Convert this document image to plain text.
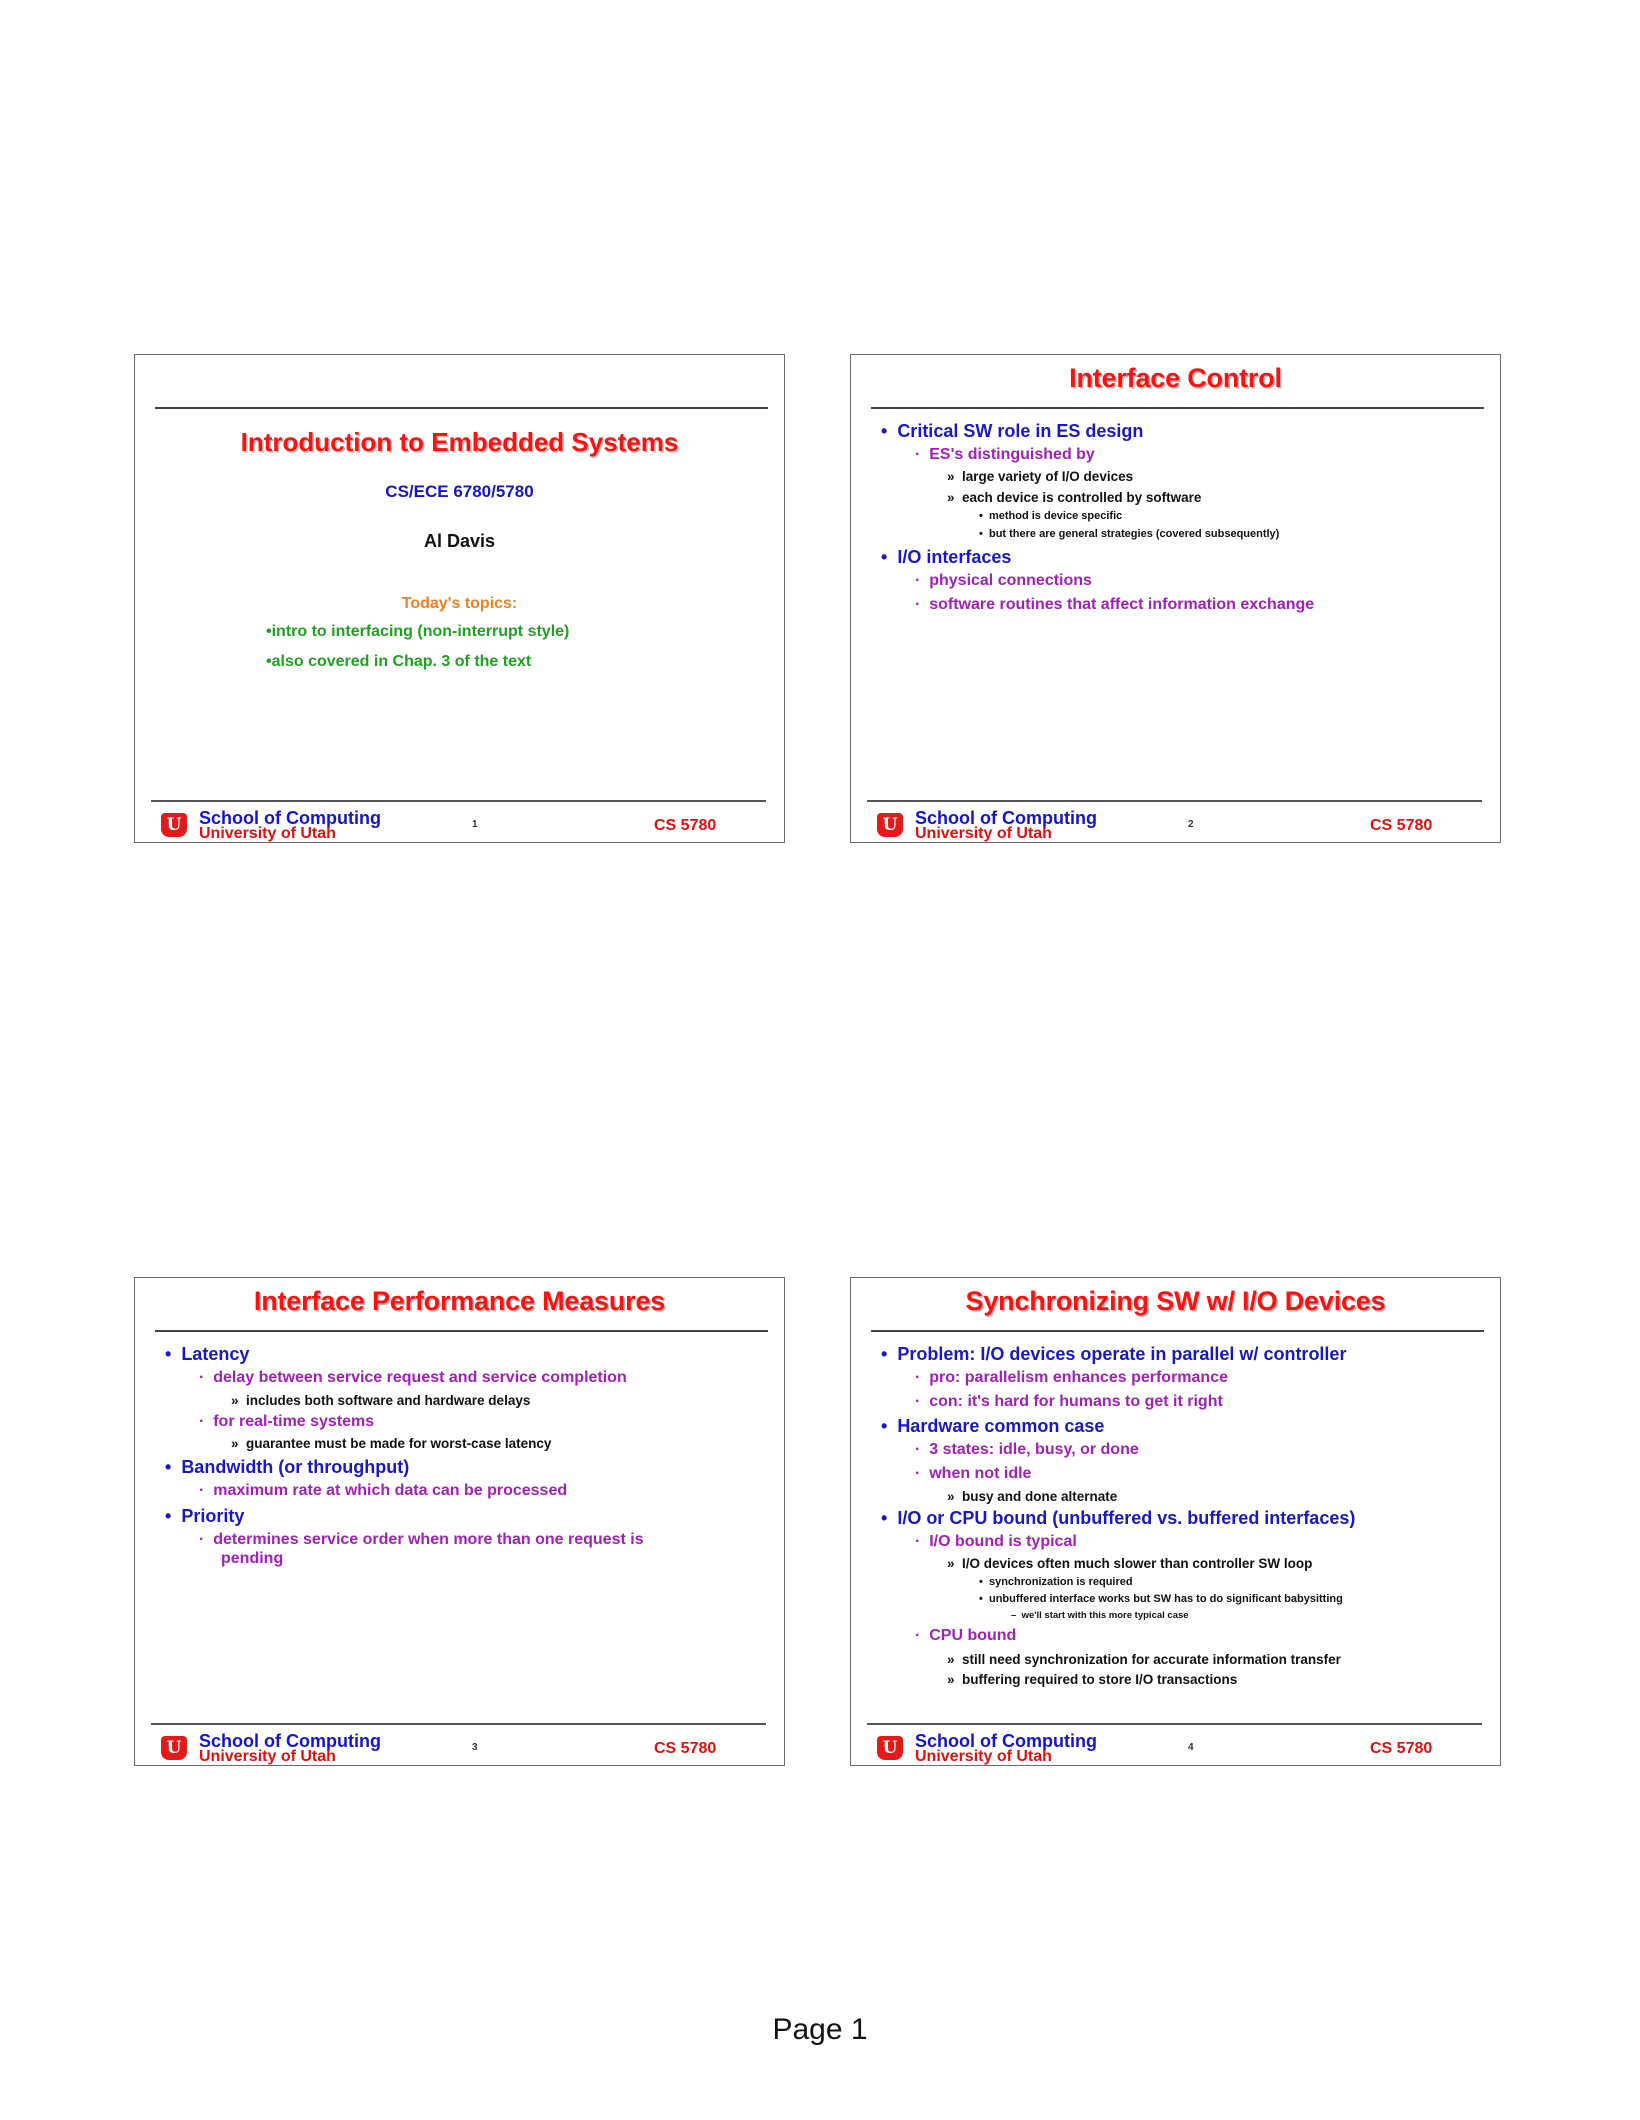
Introduction to Embedded Systems
CS/ECE 6780/5780
Al Davis
Today's topics:
•intro to interfacing (non-interrupt style)
•also covered in Chap. 3 of the text
U School of Computing
University of Utah
1	CS 5780
Interface Control
•  Critical SW role in ES design
·  ES's distinguished by
»  large variety of I/O devices
»  each device is controlled by software
•  method is device specific
•  but there are general strategies (covered subsequently)
•  I/O interfaces
·  physical connections
·  software routines that affect information exchange
U School of Computing
University of Utah
2	CS 5780
Interface Performance Measures
•  Latency
·  delay between service request and service completion
»  includes both software and hardware delays
·  for real-time systems
»  guarantee must be made for worst-case latency
•  Bandwidth (or throughput)
·  maximum rate at which data can be processed
•  Priority
·  determines service order when more than one request is
pending
U School of Computing
University of Utah
3	CS 5780
Synchronizing SW w/ I/O Devices
•  Problem: I/O devices operate in parallel w/ controller
·  pro: parallelism enhances performance
·  con: it's hard for humans to get it right
•  Hardware common case
·  3 states: idle, busy, or done
·  when not idle
»  busy and done alternate
•  I/O or CPU bound (unbuffered vs. buffered interfaces)
·  I/O bound is typical
»  I/O devices often much slower than controller SW loop
•  synchronization is required
•  unbuffered interface works but SW has to do significant babysitting
–  we'll start with this more typical case
·  CPU bound
»  still need synchronization for accurate information transfer
»  buffering required to store I/O transactions
U School of Computing
University of Utah
4	CS 5780
Page 1
